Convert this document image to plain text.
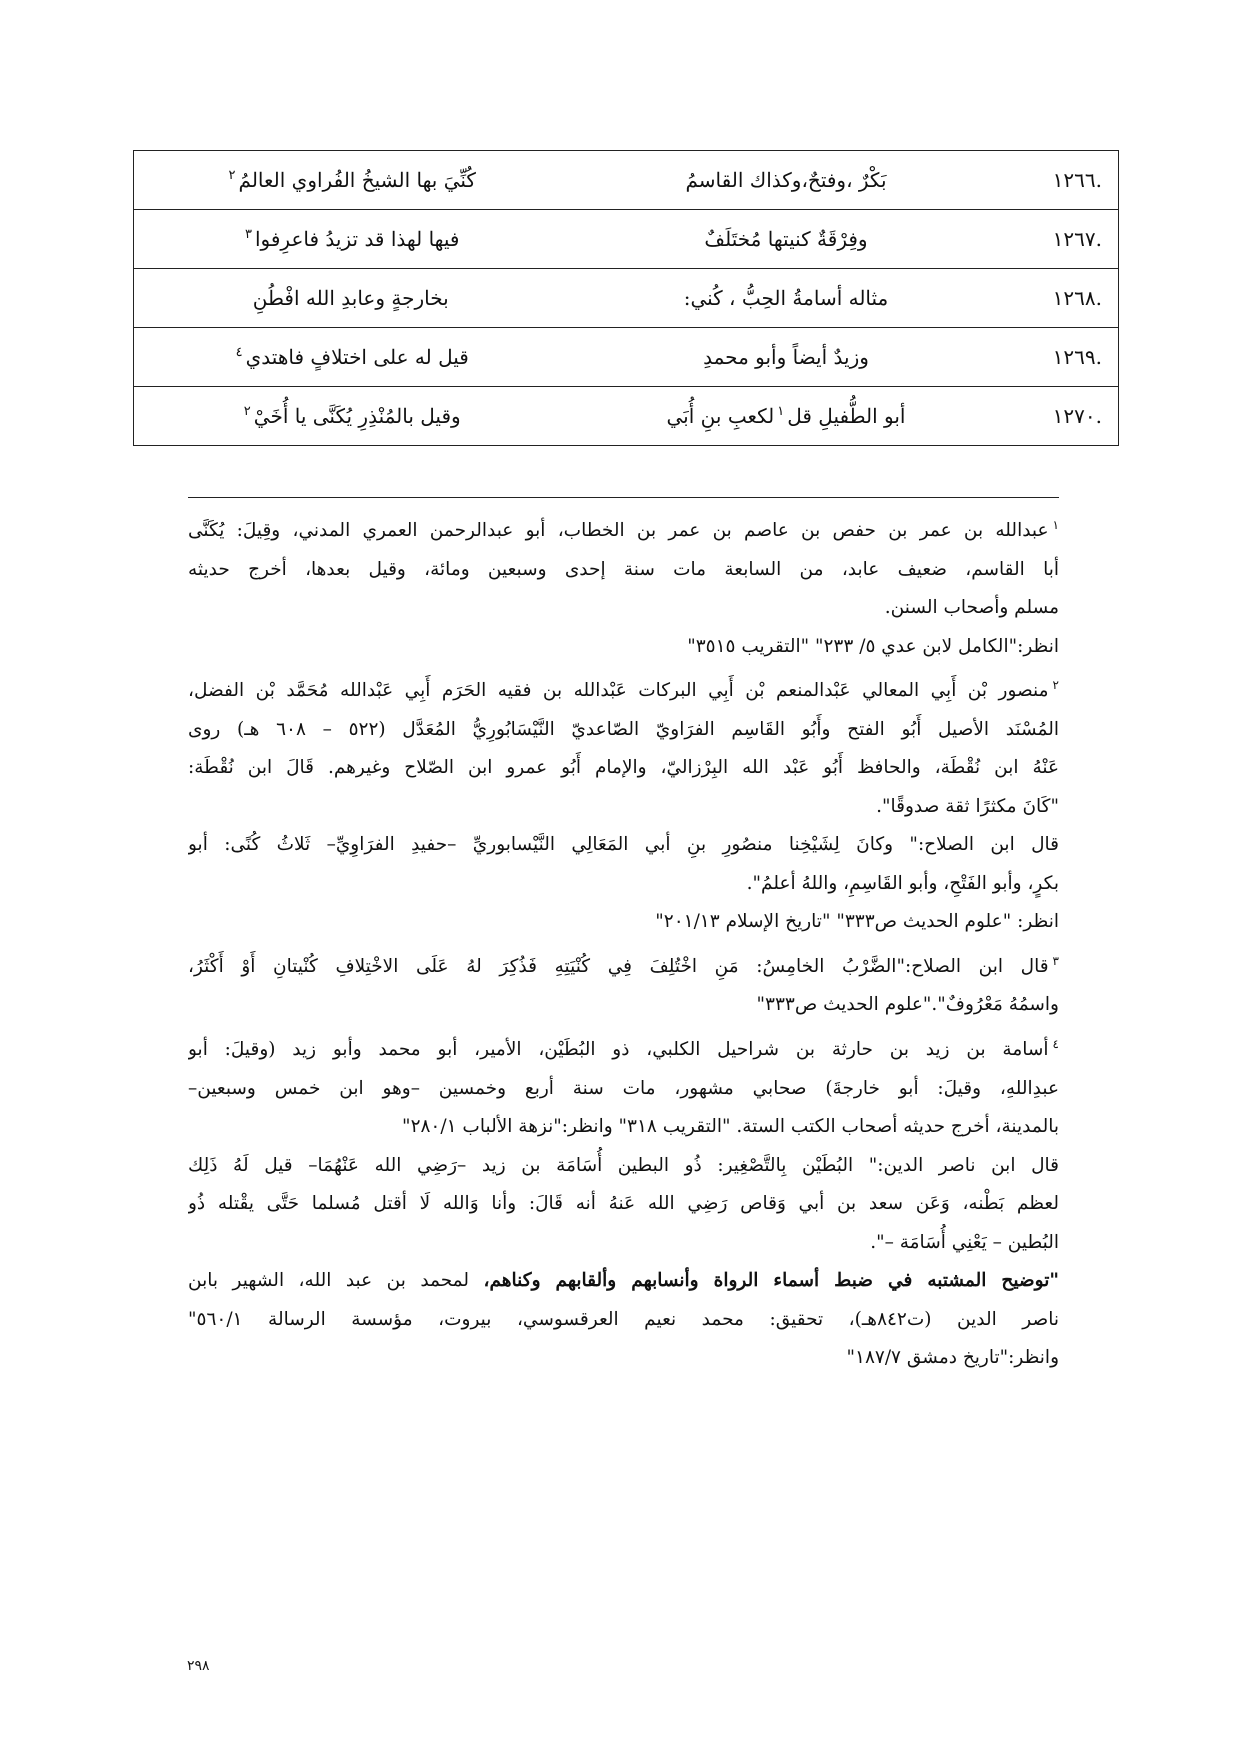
.١٢٦٦	بَكْرٌ ،وفتحٌ،وكذاك القاسمُ	كُنِّيَ بها الشيخُ الفُراوي العالمُ$^٢$
.١٢٦٧	وفِرْقَةٌ كنيتها مُختَلَفٌ	فيها لهذا قد تزيدُ فاعرِفوا$^٣$
.١٢٦٨	مثاله أسامةُ الحِبُّ ، كُني:	بخارجةٍ وعابدِ الله افْطُنِ
.١٢٦٩	وزيدٌ أيضاً وأبو محمدِ	قيل له على اختلافٍ فاهتدي$^٤$
.١٢٧٠	أبو الطُّفيلِ قل$^١$لكعبِ بنِ أُبَي	وقيل بالمُنْذِرِ يُكَنَّى يا أُخَيْ$^٢$
$^١$عبدالله بن عمر بن حفص بن عاصم بن عمر بن الخطاب، أبو عبدالرحمن العمري المدني، وقِيلَ: يُكَنَّى
أبا القاسم، ضعيف عابد، من السابعة مات سنة إحدى وسبعين ومائة، وقيل بعدها، أخرج حديثه
مسلم وأصحاب السنن.
انظر:"الكامل لابن عدي ٥/ ٢٣٣" "التقريب ٣٥١٥"
$^٢$منصور بْن أَبِي المعالي عَبْدالمنعم بْن أَبِي البركات عَبْدالله بن فقيه الحَرَم أَبِي عَبْدالله مُحَمَّد بْن الفضل،
المُسْنَد الأصيل أَبُو الفتح وأَبُو القَاسِم الفرَاويّ الصّاعديّ النَّيْسَابُورِيُّ المُعَدَّل (٥٢٢ – ٦٠٨ هـ) روى
عَنْهُ ابن نُقْطَة، والحافظ أَبُو عَبْد الله البِرْزاليّ، والإمام أَبُو عمرو ابن الصّلاح وغيرهم. قَالَ ابن نُقْطَة:
"كَانَ مكثرًا ثقة صدوقًا".
قال ابن الصلاح:" وكانَ لِشَيْخِنا منصُورِ بنِ أبي المَعَالِي النَّيْسابوريِّ –حفيدِ الفرَاوِيِّ– ثَلاثُ كُنًى: أبو
بكرٍ، وأبو الفَتْحِ، وأبو القَاسِمِ، واللهُ أعلمُ".
انظر: "علوم الحديث ص٣٣٣" "تاريخ الإسلام ٢٠١/١٣"
$^٣$قال ابن الصلاح:"الضَّرْبُ الخامِسُ: مَنِ اخْتُلِفَ فِي كُنْيَتِهِ فَذُكِرَ لهُ عَلَى الاخْتِلافِ كُنْيتانِ أَوْ أَكْثَرُ،
واسمُهُ مَعْرُوفٌ"."علوم الحديث ص٣٣٣"
$^٤$أسامة بن زيد بن حارثة بن شراحيل الكلبي، ذو البُطَيْن، الأمير، أبو محمد وأبو زيد (وقيلَ: أبو
عبدِاللهِ، وقيلَ: أبو خارجةَ) صحابي مشهور، مات سنة أربع وخمسين –وهو ابن خمس وسبعين–
بالمدينة، أخرج حديثه أصحاب الكتب الستة. "التقريب ٣١٨" وانظر:"نزهة الألباب ٢٨٠/١"
قال ابن ناصر الدين:" البُطَيْن بِالتَّصْغِير: ذُو البطين أُسَامَة بن زيد –رَضِي الله عَنْهُمَا– قيل لَهُ ذَلِك
لعظم بَطْنه، وَعَن سعد بن أبي وَقاص رَضِي الله عَنهُ أنه قَالَ: وأنا وَالله لَا أقتل مُسلما حَتَّى يقْتله ذُو
البُطين – يَعْنِي أُسَامَة –".
"توضيح المشتبه في ضبط أسماء الرواة وأنسابهم وألقابهم وكناهم، لمحمد بن عبد الله، الشهير بابن
ناصر الدين (ت٨٤٢هـ)، تحقيق: محمد نعيم العرقسوسي، بيروت، مؤسسة الرسالة ٥٦٠/١"
وانظر:"تاريخ دمشق ١٨٧/٧"
٢٩٨
